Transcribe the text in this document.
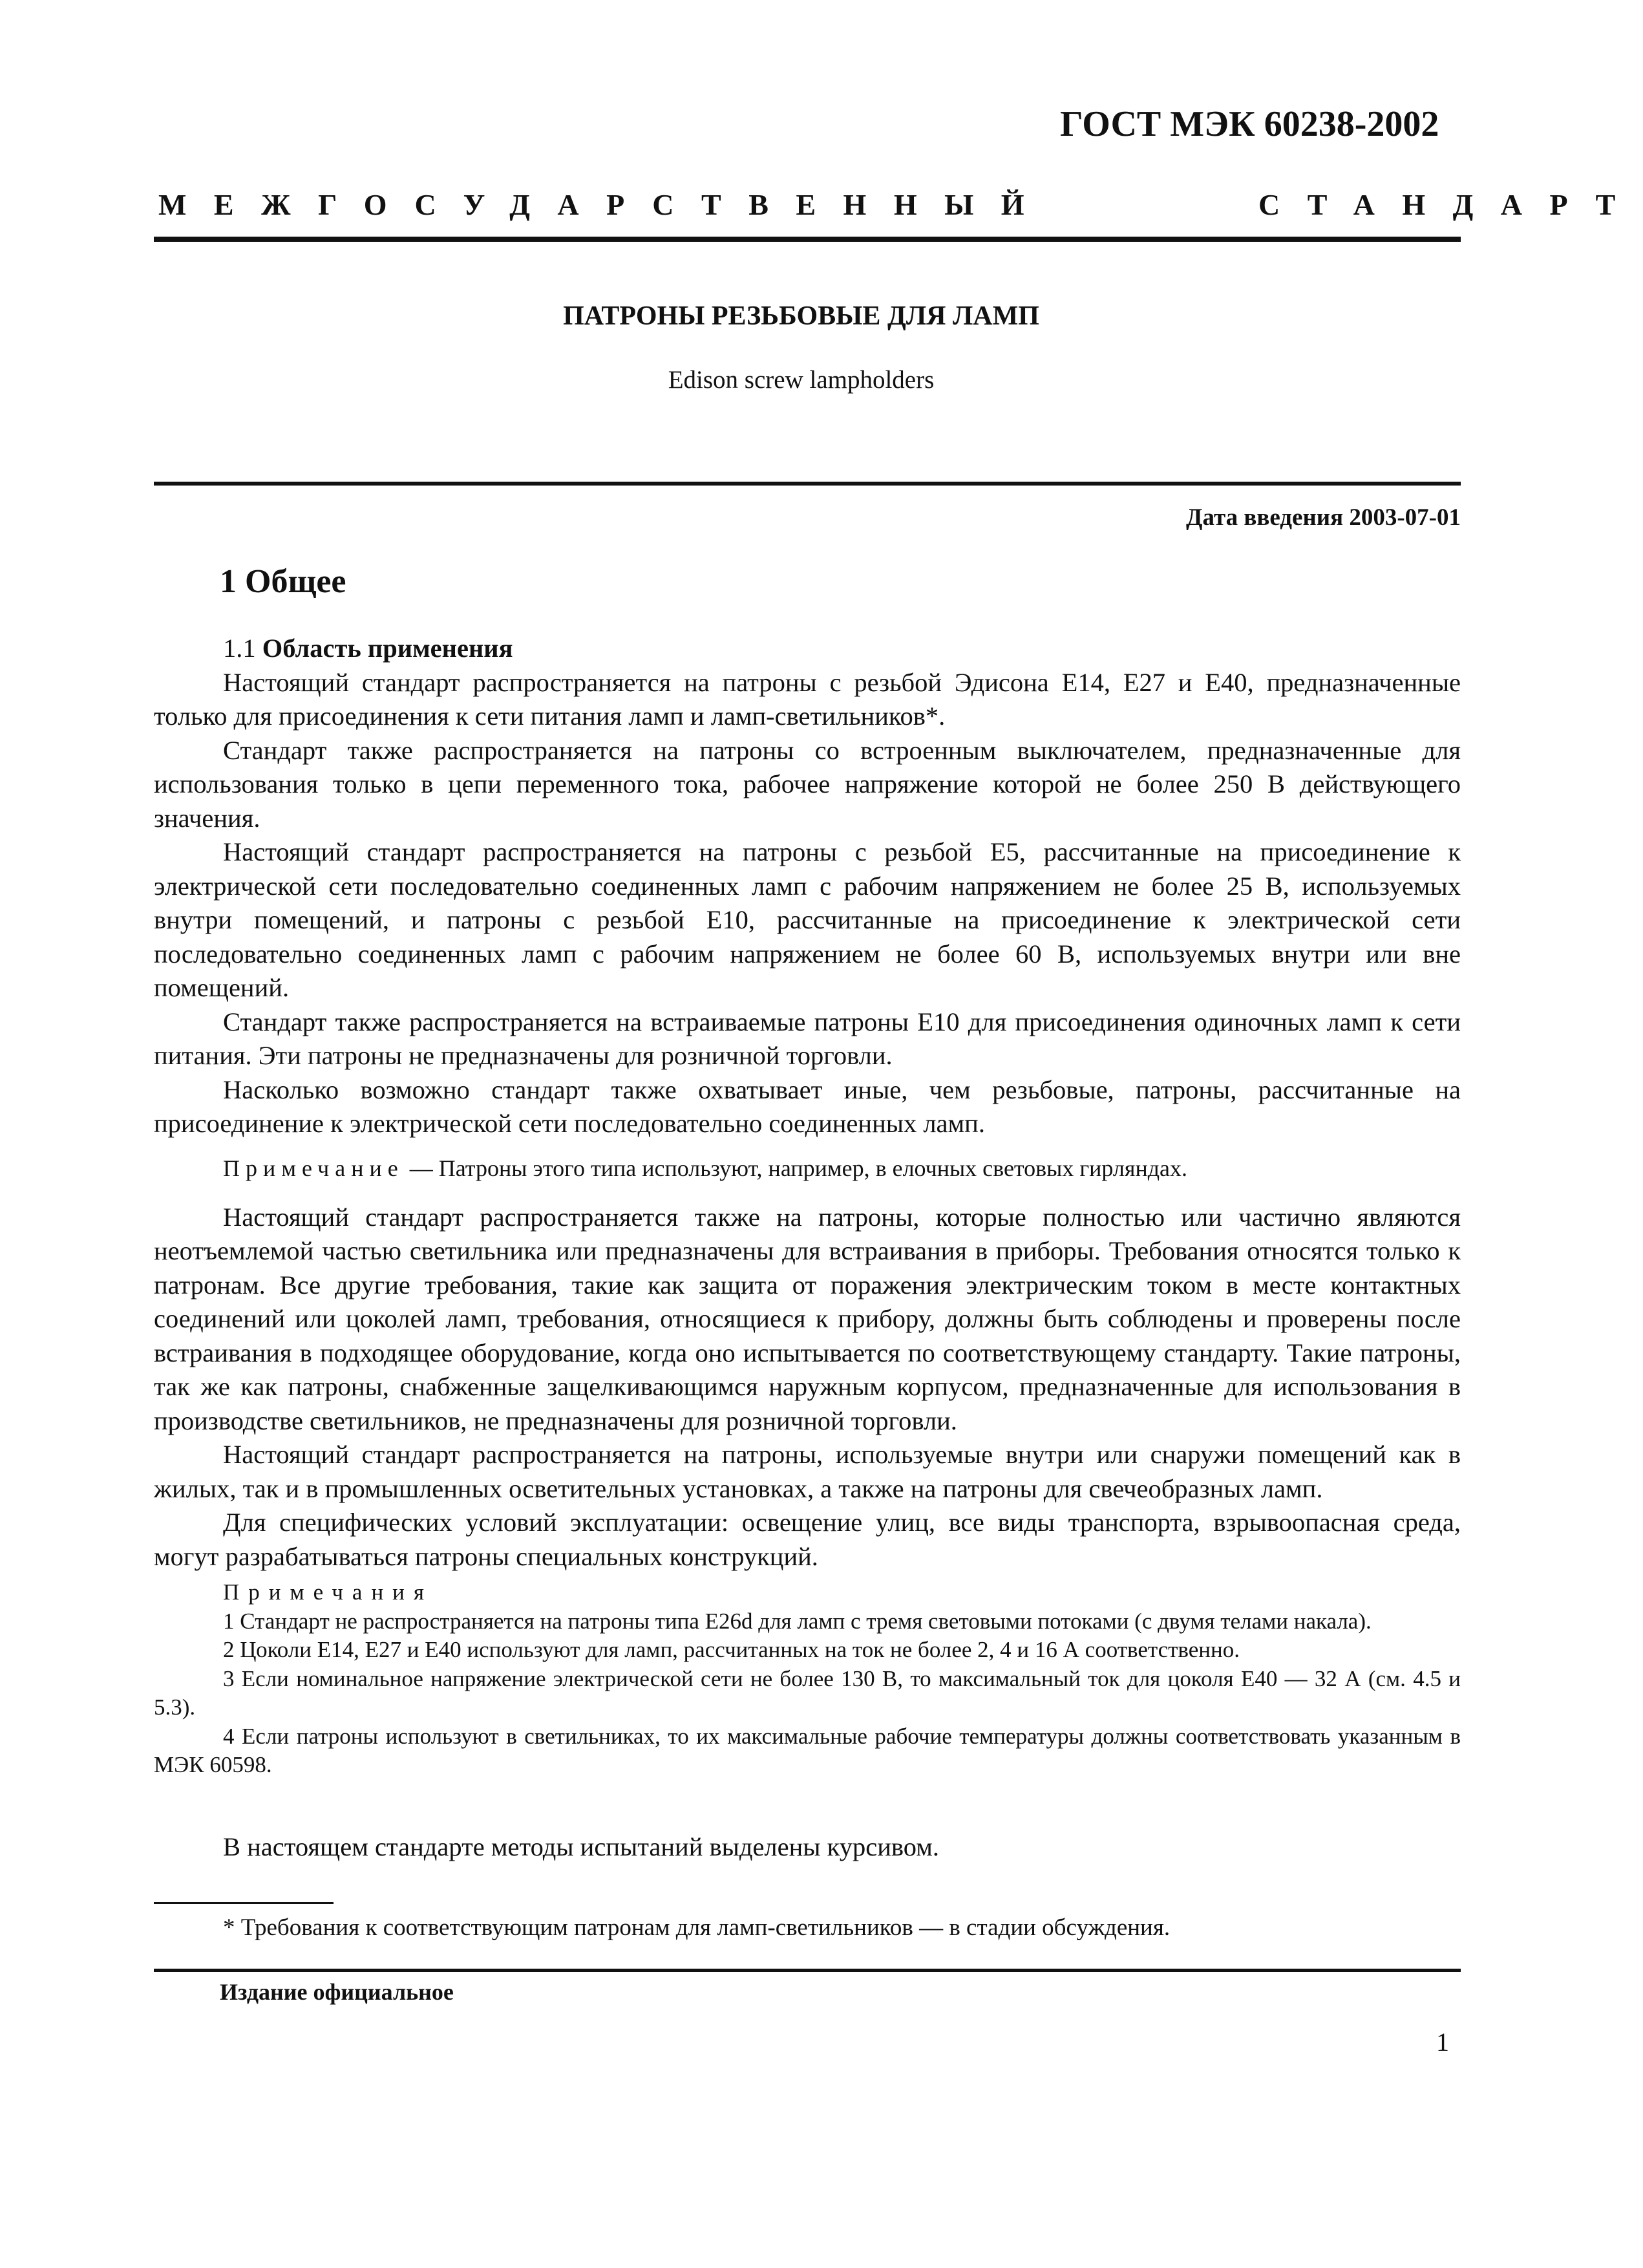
ГОСТ МЭК 60238-2002
МЕЖГОСУДАРСТВЕННЫЙ	СТАНДАРТ
ПАТРОНЫ РЕЗЬБОВЫЕ ДЛЯ ЛАМП
Edison screw lampholders
Дата введения 2003-07-01
1 Общее
1.1 Область применения

Настоящий стандарт распространяется на патроны с резьбой Эдисона Е14, Е27 и Е40, предназначенные только для присоединения к сети питания ламп и ламп-светильников*.

Стандарт также распространяется на патроны со встроенным выключателем, предназначенные для использования только в цепи переменного тока, рабочее напряжение которой не более 250 В действующего значения.

Настоящий стандарт распространяется на патроны с резьбой Е5, рассчитанные на присоединение к электрической сети последовательно соединенных ламп с рабочим напряжением не более 25 В, используемых внутри помещений, и патроны с резьбой Е10, рассчитанные на присоединение к электрической сети последовательно соединенных ламп с рабочим напряжением не более 60 В, используемых внутри или вне помещений.

Стандарт также распространяется на встраиваемые патроны Е10 для присоединения одиночных ламп к сети питания. Эти патроны не предназначены для розничной торговли.

Насколько возможно стандарт также охватывает иные, чем резьбовые, патроны, рассчитанные на присоединение к электрической сети последовательно соединенных ламп.

Примечание — Патроны этого типа используют, например, в елочных световых гирляндах.

Настоящий стандарт распространяется также на патроны, которые полностью или частично являются неотъемлемой частью светильника или предназначены для встраивания в приборы. Требования относятся только к патронам. Все другие требования, такие как защита от поражения электрическим током в месте контактных соединений или цоколей ламп, требования, относящиеся к прибору, должны быть соблюдены и проверены после встраивания в подходящее оборудование, когда оно испытывается по соответствующему стандарту. Такие патроны, так же как патроны, снабженные защелкивающимся наружным корпусом, предназначенные для использования в производстве светильников, не предназначены для розничной торговли.

Настоящий стандарт распространяется на патроны, используемые внутри или снаружи помещений как в жилых, так и в промышленных осветительных установках, а также на патроны для свечеобразных ламп.

Для специфических условий эксплуатации: освещение улиц, все виды транспорта, взрывоопасная среда, могут разрабатываться патроны специальных конструкций.

Примечания

1 Стандарт не распространяется на патроны типа E26d для ламп с тремя световыми потоками (с двумя телами накала).

2 Цоколи Е14, Е27 и Е40 используют для ламп, рассчитанных на ток не более 2, 4 и 16 А соответственно.

3 Если номинальное напряжение электрической сети не более 130 В, то максимальный ток для цоколя Е40 — 32 А (см. 4.5 и 5.3).

4 Если патроны используют в светильниках, то их максимальные рабочие температуры должны соответствовать указанным в МЭК 60598.

В настоящем стандарте методы испытаний выделены курсивом.
* Требования к соответствующим патронам для ламп-светильников — в стадии обсуждения.
Издание официальное
1
